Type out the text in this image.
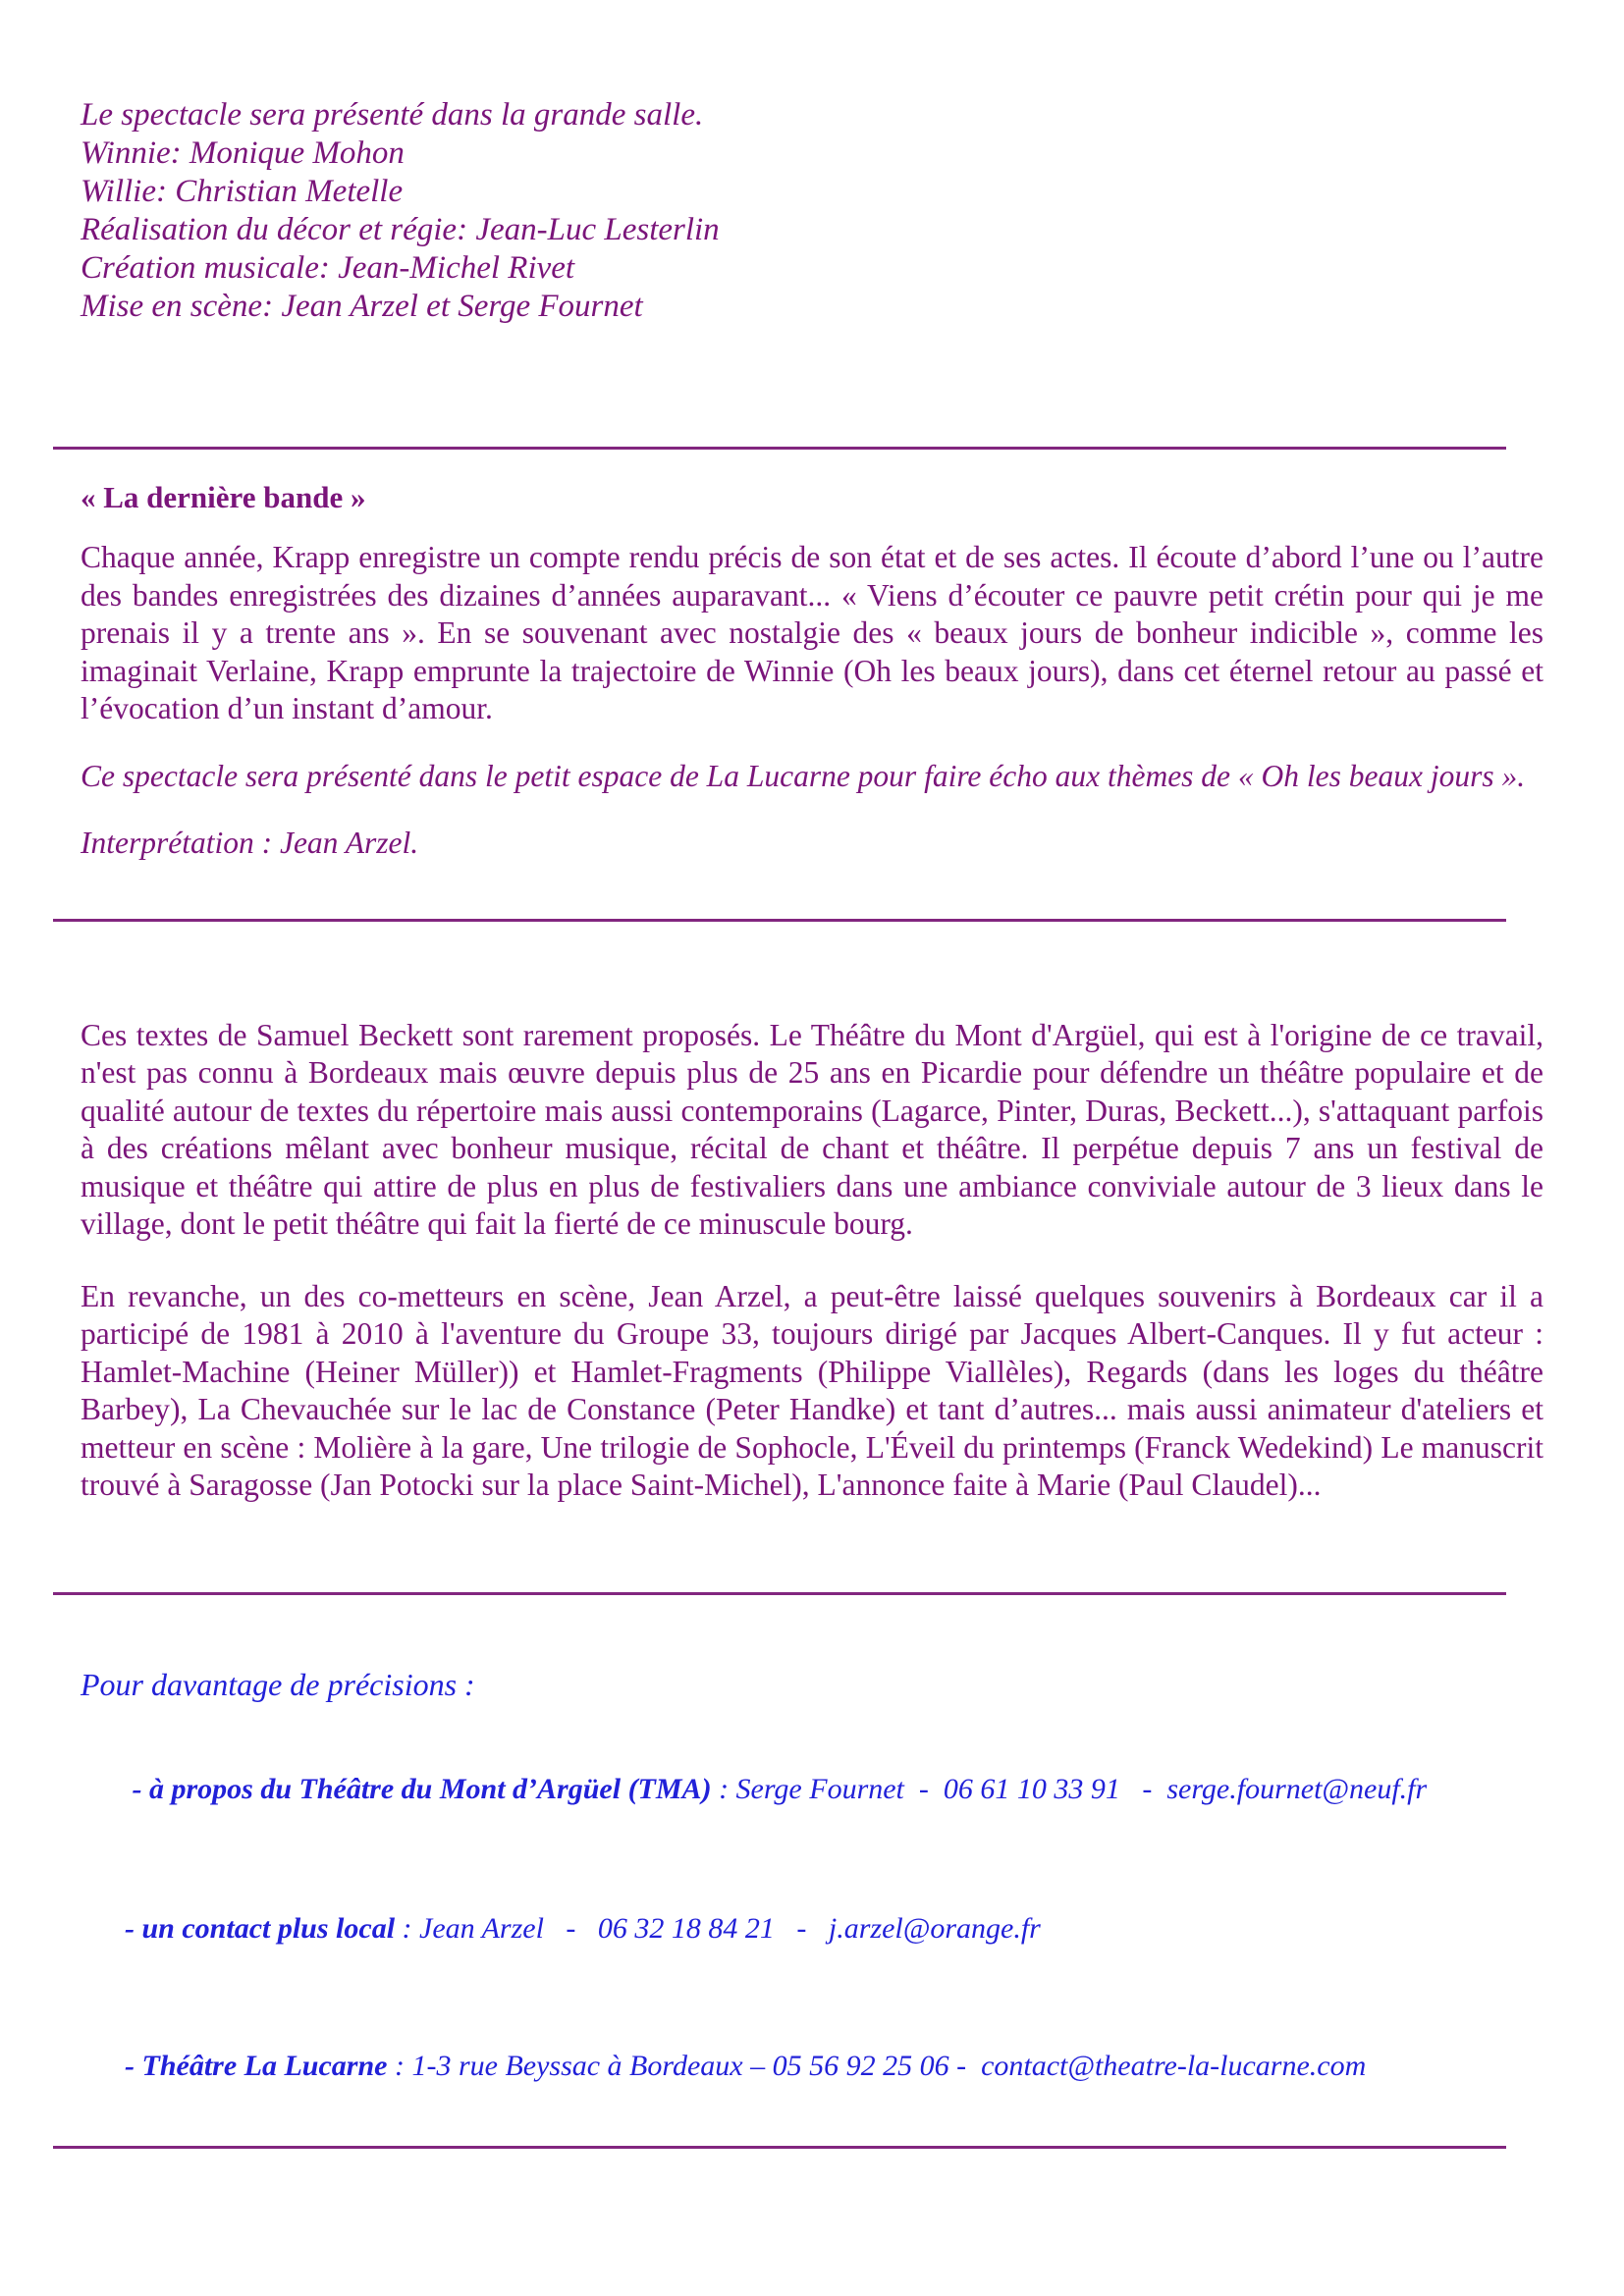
Le spectacle sera présenté dans la grande salle.
Winnie: Monique Mohon
Willie: Christian Metelle
Réalisation du décor et régie: Jean-Luc Lesterlin
Création musicale: Jean-Michel Rivet
Mise en scène: Jean Arzel et Serge Fournet
« La dernière bande »

Chaque année, Krapp enregistre un compte rendu précis de son état et de ses actes. Il écoute d’abord l’une ou l’autre des bandes enregistrées des dizaines d’années auparavant... « Viens d’écouter ce pauvre petit crétin pour qui je me prenais il y a trente ans ». En se souvenant avec nostalgie des « beaux jours de bonheur indicible », comme les imaginait Verlaine, Krapp emprunte la trajectoire de Winnie (Oh les beaux jours), dans cet éternel retour au passé et l’évocation d’un instant d’amour.

Ce spectacle sera présenté dans le petit espace de La Lucarne pour faire écho aux thèmes de « Oh les beaux jours ».

Interprétation : Jean Arzel.

Ces textes de Samuel Beckett sont rarement proposés. Le Théâtre du Mont d'Argüel, qui est à l'origine de ce travail, n'est pas connu à Bordeaux mais œuvre depuis plus de 25 ans en Picardie pour défendre un théâtre populaire et de qualité autour de textes du répertoire mais aussi contemporains (Lagarce, Pinter, Duras, Beckett...), s'attaquant parfois à des créations mêlant avec bonheur musique, récital de chant et théâtre. Il perpétue depuis 7 ans un festival de musique et théâtre qui attire de plus en plus de festivaliers dans une ambiance conviviale autour de 3 lieux dans le village, dont le petit théâtre qui fait la fierté de ce minuscule bourg.

En revanche, un des co-metteurs en scène, Jean Arzel, a peut-être laissé quelques souvenirs à Bordeaux car il a participé de 1981 à 2010 à l'aventure du Groupe 33, toujours dirigé par Jacques Albert-Canques. Il y fut acteur : Hamlet-Machine (Heiner Müller)) et Hamlet-Fragments (Philippe Viallèles), Regards (dans les loges du théâtre Barbey), La Chevauchée sur le lac de Constance (Peter Handke) et tant d’autres... mais aussi animateur d'ateliers et metteur en scène : Molière à la gare, Une trilogie de Sophocle, L'Éveil du printemps (Franck Wedekind) Le manuscrit trouvé à Saragosse (Jan Potocki sur la place Saint-Michel), L'annonce faite à Marie (Paul Claudel)...

Pour davantage de précisions :

- à propos du Théâtre du Mont d’Argüel (TMA) : Serge Fournet  -  06 61 10 33 91   -  serge.fournet@neuf.fr

- un contact plus local : Jean Arzel   -   06 32 18 84 21   -   j.arzel@orange.fr

- Théâtre La Lucarne : 1-3 rue Beyssac à Bordeaux – 05 56 92 25 06 -  contact@theatre-la-lucarne.com
